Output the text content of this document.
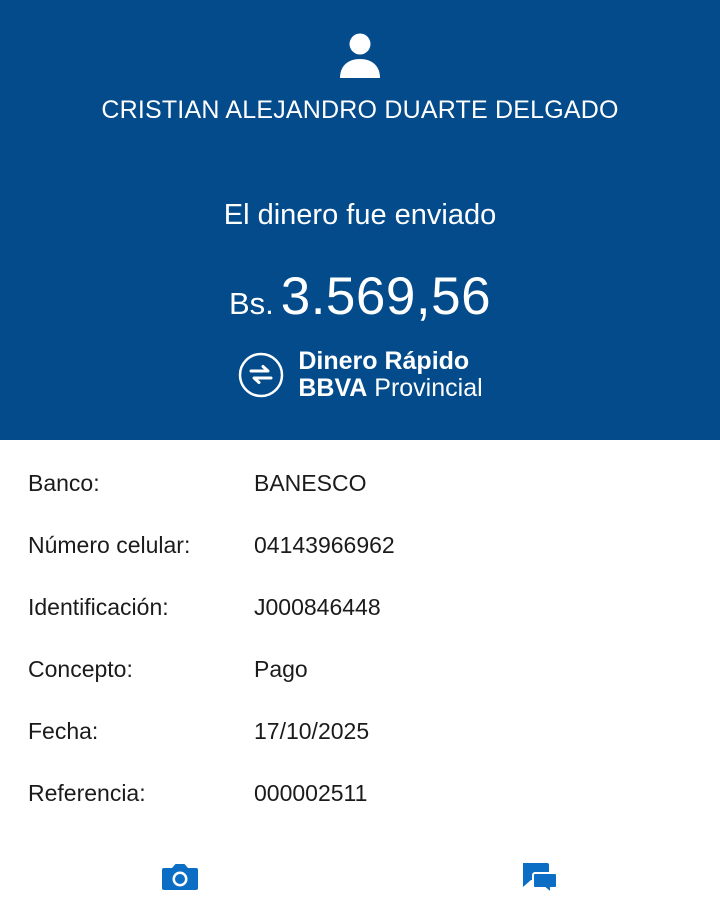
CRISTIAN ALEJANDRO DUARTE DELGADO
El dinero fue enviado
Bs. 3.569,56
Dinero Rápido
BBVA Provincial
Banco:	BANESCO
Número celular:	04143966962
Identificación:	J000846448
Concepto:	Pago
Fecha:	17/10/2025
Referencia:	000002511
